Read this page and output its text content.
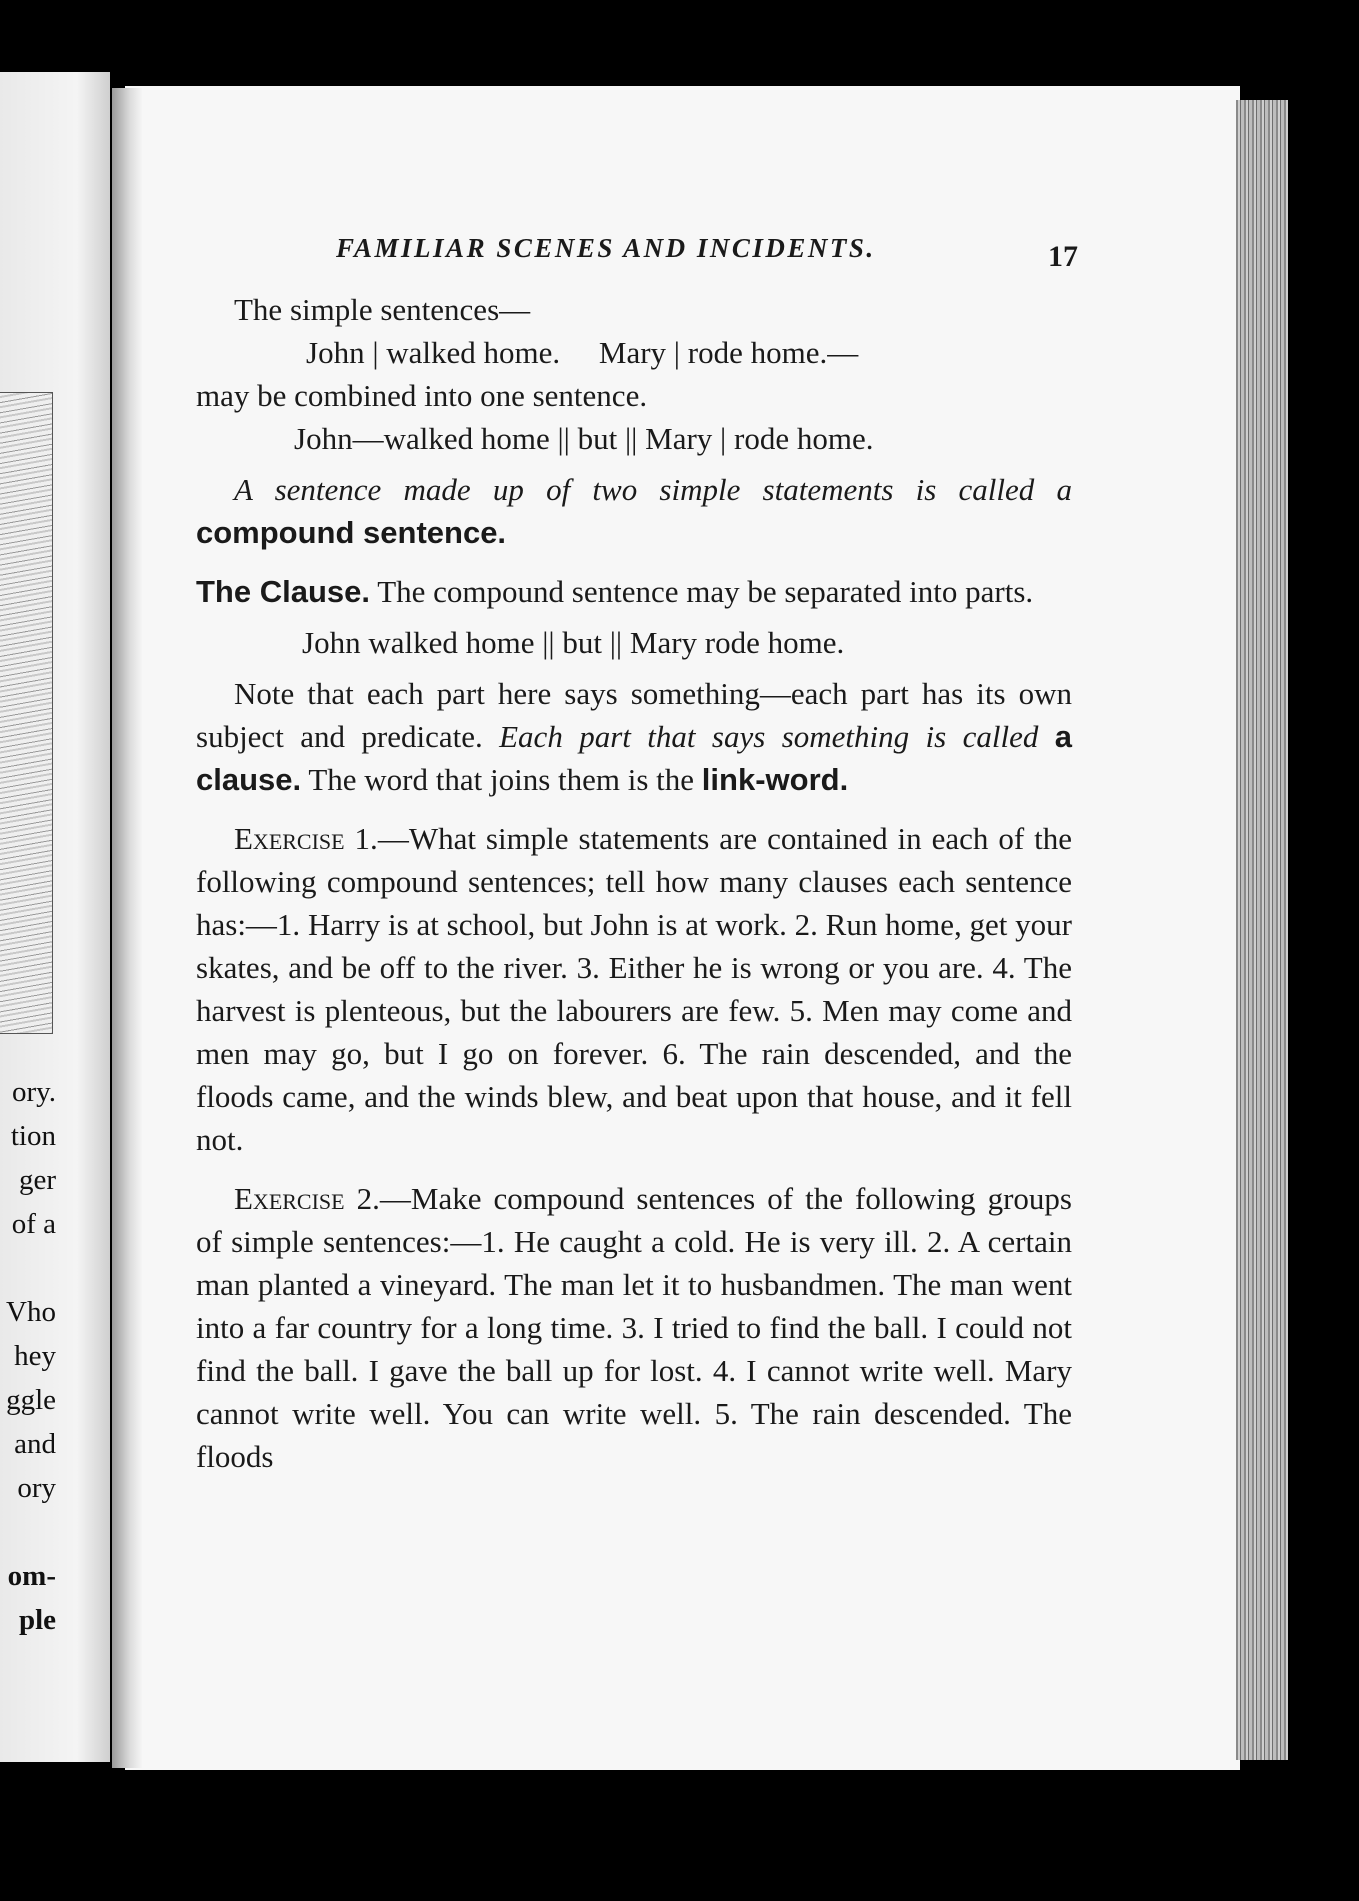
ory.
tion
ger
of a
Vho
hey
ggle
and
ory
om-
ple
FAMILIAR SCENES AND INCIDENTS.	17

The simple sentences—

John | walked home.     Mary | rode home.—

may be combined into one sentence.

John—walked home || but || Mary | rode home.

A sentence made up of two simple statements is called a compound sentence.

The Clause. The compound sentence may be separated into parts.

John walked home || but || Mary rode home.

Note that each part here says something—each part has its own subject and predicate. Each part that says something is called a clause. The word that joins them is the link-word.

Exercise 1.—What simple statements are contained in each of the following compound sentences; tell how many clauses each sentence has:—1. Harry is at school, but John is at work. 2. Run home, get your skates, and be off to the river. 3. Either he is wrong or you are. 4. The harvest is plenteous, but the labourers are few. 5. Men may come and men may go, but I go on forever. 6. The rain descended, and the floods came, and the winds blew, and beat upon that house, and it fell not.

Exercise 2.—Make compound sentences of the following groups of simple sentences:—1. He caught a cold. He is very ill. 2. A certain man planted a vineyard. The man let it to husbandmen. The man went into a far country for a long time. 3. I tried to find the ball. I could not find the ball. I gave the ball up for lost. 4. I cannot write well. Mary cannot write well. You can write well. 5. The rain descended. The floods
